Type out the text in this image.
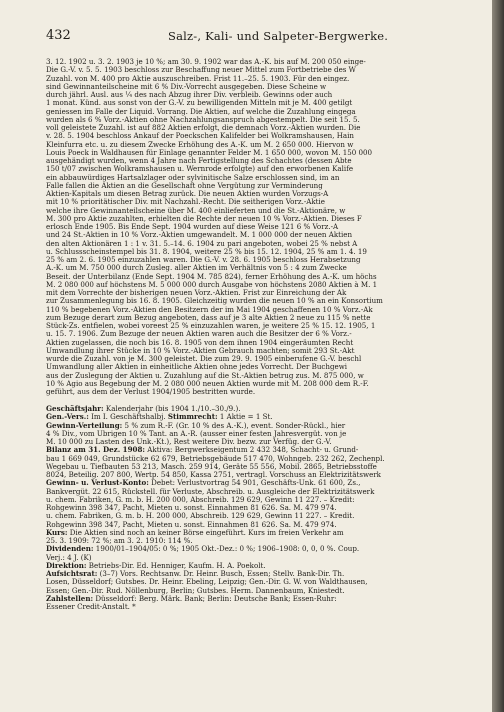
432	Salz-, Kali- und Salpeter-Bergwerke.
3. 12. 1902 u. 3. 2. 1903 je 10 %; am 30. 9. 1902 war das A.-K. bis auf M. 200 050 einge-
Die G.-V. v. 5. 5. 1903 beschloss zur Beschaffung neuer Mittel zum Fortbetriebe des W
Zuzahl. von M. 400 pro Aktie auszuschreiben. Frist 11.–25. 5. 1903. Für den eingez.
sind Gewinnanteilscheine mit 6 % Div.-Vorrecht ausgegeben. Diese Scheine w
durch jährl. Ausl. aus ¼ des nach Abzug ihrer Div. verbleib. Gewinns oder auch
1 monat. Künd. aus sonst von der G.-V. zu bewilligenden Mitteln mit je M. 400 getilgt
geniessen im Falle der Liquid. Vorrang. Die Aktien, auf welche die Zuzahlung eingega
wurden als 6 % Vorz.-Aktien ohne Nachzahlungsanspruch abgestempelt. Die seit 15. 5.
voll geleistete Zuzahl. ist auf 882 Aktien erfolgt, die demnach Vorz.-Aktien wurden. Die
v. 28. 5. 1904 beschloss Ankauf der Poeckschen Kalifelder bei Wolkramshausen, Hain
Kleinfurra etc. u. zu diesem Zwecke Erhöhung des A.-K. um M. 2 650 000. Hiervon w
Louis Poeck in Waldhausen für Einlage genannter Felder M. 1 650 000, wovon M. 150 000
ausgehändigt wurden, wenn 4 Jahre nach Fertigstellung des Schachtes (dessen Abte
150 t/07 zwischen Wolkramshausen u. Wernrode erfolgte) auf den erworbenen Kalife
ein abbauwürdiges Hartsalzlager oder sylvinitische Salze erschlossen sind, im an
Falle fallen die Aktien an die Gesellschaft ohne Vergütung zur Verminderung
Aktien-Kapitals um diesen Betrag zurück. Die neuen Aktien wurden Vorzugs-A
mit 10 % prioritätischer Div. mit Nachzahl.-Recht. Die seitherigen Vorz.-Aktie
welche ihre Gewinnanteilscheine über M. 400 einlieferten und die St.-Aktionäre, w
M. 300 pro Aktie zuzahlten, erhielten die Rechte der neuen 10 % Vorz.-Aktien. Dieses F
erlosch Ende 1905. Bis Ende Sept. 1904 wurden auf diese Weise 121 6 % Vorz.-A
und 24 St.-Aktien in 10 % Vorz.-Aktien umgewandelt. M. 1 000 000 der neuen Aktien
den alten Aktionären 1 : 1 v. 31. 5.–14. 6. 1904 zu pari angeboten, wobei 25 % nebst A
u. Schlussscheinstempel bis 31. 8. 1904, weitere 25 % bis 15. 12. 1904, 25 % am 1. 4. 19
25 % am 2. 6. 1905 einzuzahlen waren. Die G.-V. v. 28. 6. 1905 beschloss Herabsetzung
A.-K. um M. 750 000 durch Zusleg. aller Aktien im Verhältnis von 5 : 4 zum Zwecke
Beseit. der Unterbilanz (Ende Sept. 1904 M. 785 824), ferner Erhöhung des A.-K. um höchs
M. 2 080 000 auf höchstens M. 5 000 000 durch Ausgabe von höchstens 2080 Aktien à M. 1
mit dem Vorrechte der bisherigen neuen Vorz.-Aktien. Frist zur Einreichung der Ak
zur Zusammenlegung bis 16. 8. 1905. Gleichzeitig wurden die neuen 10 % an ein Konsortium
110 % begebenen Vorz.-Aktien den Besitzern der im Mai 1904 geschaffenen 10 % Vorz.-Ak
zum Bezuge derart zum Bezug angeboten, dass auf je 3 alte Aktien 2 neue zu 115 % nette
Stück-Zs. entfielen, wobei voreest 25 % einzuzahlen waren, je weitere 25 % 15. 12. 1905, 1
u. 15. 7. 1906. Zum Bezuge der neuen Aktien waren auch die Besitzer der 6 % Vorz.-
Aktien zugelassen, die noch bis 16. 8. 1905 von dem ihnen 1904 eingeräumten Recht
Umwandlung ihrer Stücke in 10 % Vorz.-Aktien Gebrauch machten; somit 293 St.-Akt
wurde die Zuzahl. von je M. 300 geleistet. Die zum 29. 9. 1905 einberufene G.-V. beschl
Umwandlung aller Aktien in einheitliche Aktien ohne jedes Vorrecht. Der Buchgewi
aus der Zuslegung der Aktien u. Zuzahlung auf die St.-Aktien betrug zus. M. 875 000, w
10 % Agio aus Begebung der M. 2 080 000 neuen Aktien wurde mit M. 208 000 dem R.-F.
geführt, aus dem der Verlust 1904/1905 bestritten wurde.
Geschäftsjahr: Kalenderjahr (bis 1904 1./10.–30./9.).
Gen.-Vers.: Im I. Geschäftshalbj. Stimmrecht: 1 Aktie = 1 St.
Gewinn-Verteilung: 5 % zum R.-F. (Gr. 10 % des A.-K.), event. Sonder-Rückl., hier
4 % Div., vom Übrigen 10 % Tant. an A.-R. (ausser einer festen Jahresvergüt. von je
M. 10 000 zu Lasten des Unk.-Kt.), Rest weitere Div. bezw. zur Verfüg. der G.-V.
Bilanz am 31. Dez. 1908: Aktiva: Bergwerkseigentum 2 432 348, Schacht- u. Grund-
bau 1 669 049, Grundstücke 62 679, Betriebsgebäude 517 470, Wohngeb. 232 262, Zechenpl.
Wegebau u. Tiefbauten 53 213, Masch. 259 914, Geräte 55 556, Mobil. 2865, Betriebsstoffe
8024, Beteilig. 207 800, Wertp. 54 850, Kassa 2751, vertragl. Vorschuss an Elektrizitätswerk
Gewinn- u. Verlust-Konto: Debet: Verlustvortrag 54 901, Geschäfts-Unk. 61 600, Zs.,
Bankvergüt. 22 615, Rückstell. für Verluste, Abschreib. u. Ausgleiche der Elektrizitätswerk
u. chem. Fabriken, G. m. b. H. 200 000, Abschreib. 129 629, Gewinn 11 227. – Kredit:
Rohgewinn 398 347, Pacht, Mieten u. sonst. Einnahmen 81 626. Sa. M. 479 974.
u. chem. Fabriken, G. m. b. H. 200 000, Abschreib. 129 629, Gewinn 11 227. – Kredit.
Rohgewinn 398 347, Pacht, Mieten u. sonst. Einnahmen 81 626. Sa. M. 479 974.
Kurs: Die Aktien sind noch an keiner Börse eingeführt. Kurs im freien Verkehr am
25. 3. 1909: 72 %; am 3. 2. 1910: 114 %.
Dividenden: 1900/01–1904/05: 0 %; 1905 Okt.-Dez.: 0 %; 1906–1908: 0, 0, 0 %. Coup.
Verj.: 4 J. (K)
Direktion: Betriebs-Dir. Ed. Henniger, Kaufm. H. A. Poekolt.
Aufsichtsrat: (3–7) Vors. Rechtsanw. Dr. Heinr. Busch, Essen; Stellv. Bank-Dir. Th.
Losen, Düsseldorf; Gutsbes. Dr. Heinr. Ebeling, Leipzig; Gen.-Dir. G. W. von Waldthausen,
Essen; Gen.-Dir. Rud. Nöllenburg, Berlin; Gutsbes. Herm. Dannenbaum, Kniestedt.
Zahlstellen: Düsseldorf: Berg. Märk. Bank; Berlin: Deutsche Bank; Essen-Ruhr:
Essener Credit-Anstalt. *
